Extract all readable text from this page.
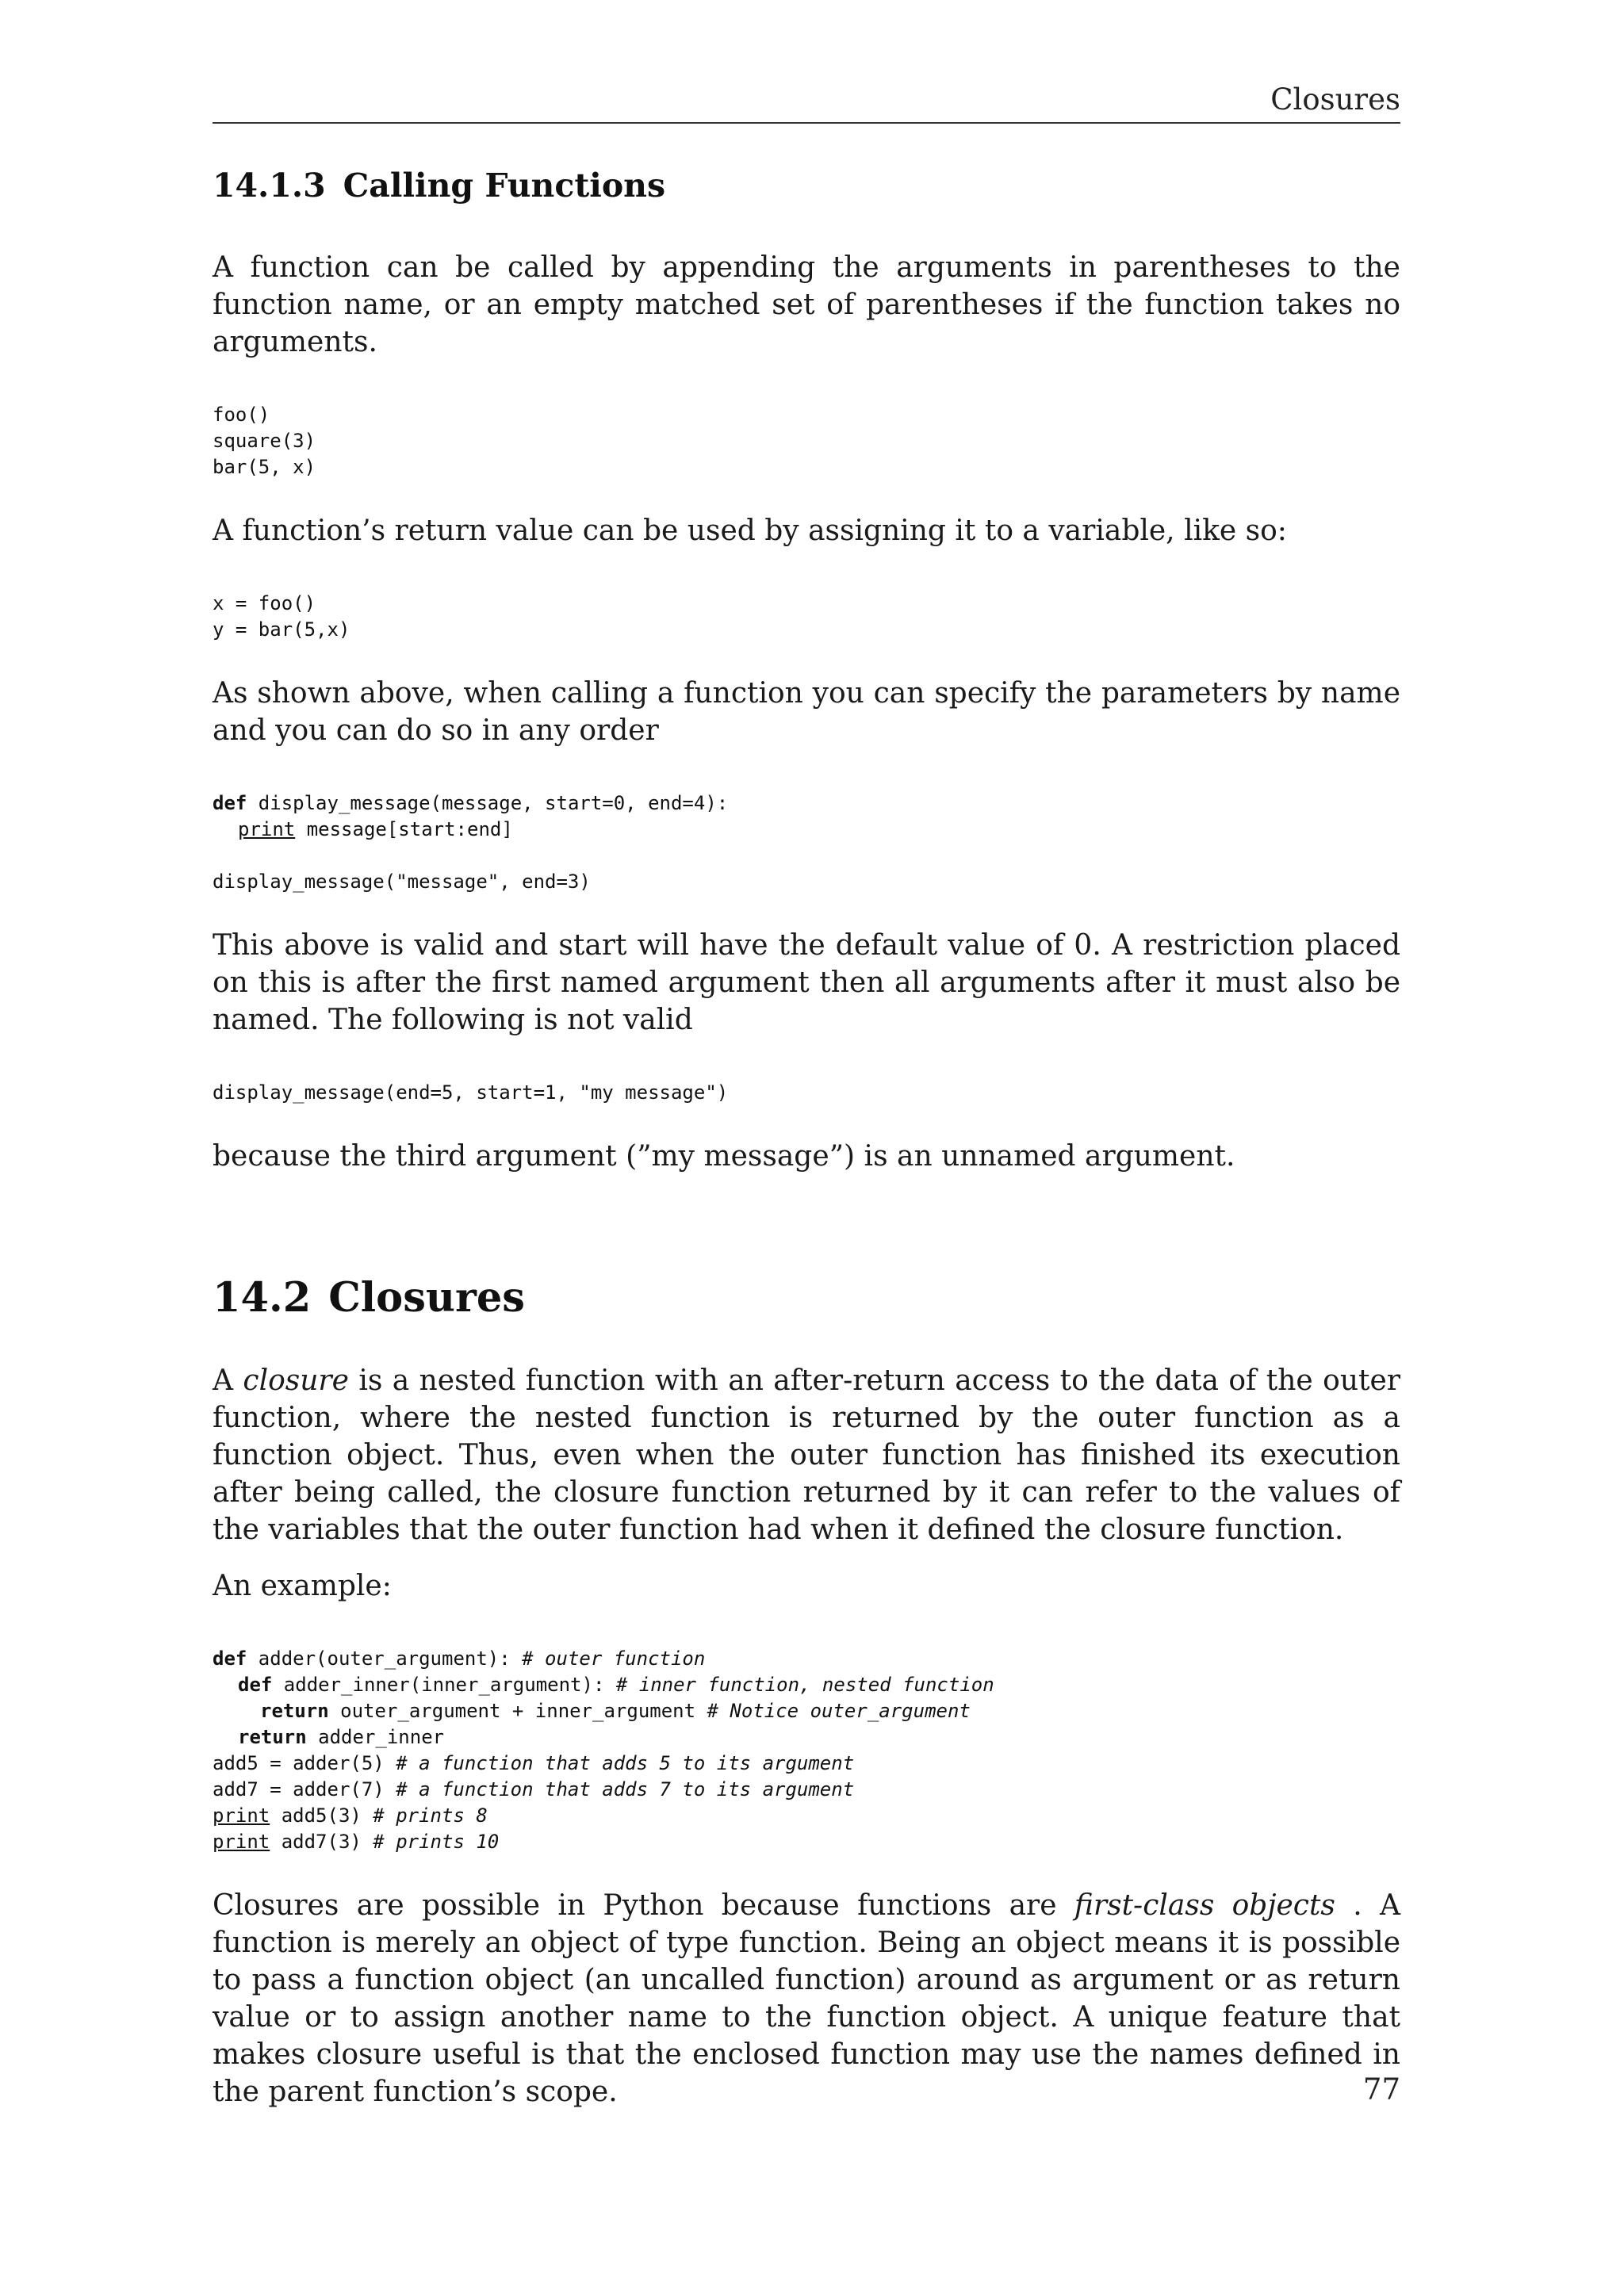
Closures
14.1.3 Calling Functions

A function can be called by appending the arguments in parentheses to the function name, or an empty matched set of parentheses if the function takes no arguments.

foo()
square(3)
bar(5, x)

A function’s return value can be used by assigning it to a variable, like so:

x = foo()
y = bar(5,x)

As shown above, when calling a function you can specify the parameters by name and you can do so in any order

def display_message(message, start=0, end=4):
print message[start:end]
display_message("message", end=3)

This above is valid and start will have the default value of 0. A restriction placed on this is after the first named argument then all arguments after it must also be named. The following is not valid

display_message(end=5, start=1, "my message")

because the third argument (”my message”) is an unnamed argument.

14.2 Closures

A closure is a nested function with an after-return access to the data of the outer function, where the nested function is returned by the outer function as a function object. Thus, even when the outer function has finished its execution after being called, the closure function returned by it can refer to the values of the variables that the outer function had when it defined the closure function.

An example:

def adder(outer_argument): # outer function
def adder_inner(inner_argument): # inner function, nested function
return outer_argument + inner_argument # Notice outer_argument
return adder_inner
add5 = adder(5) # a function that adds 5 to its argument
add7 = adder(7) # a function that adds 7 to its argument
print add5(3) # prints 8
print add7(3) # prints 10

Closures are possible in Python because functions are first-class objects . A function is merely an object of type function. Being an object means it is possible to pass a function object (an uncalled function) around as argument or as return value or to assign another name to the function object. A unique feature that makes closure useful is that the enclosed function may use the names defined in the parent function’s scope.	77
